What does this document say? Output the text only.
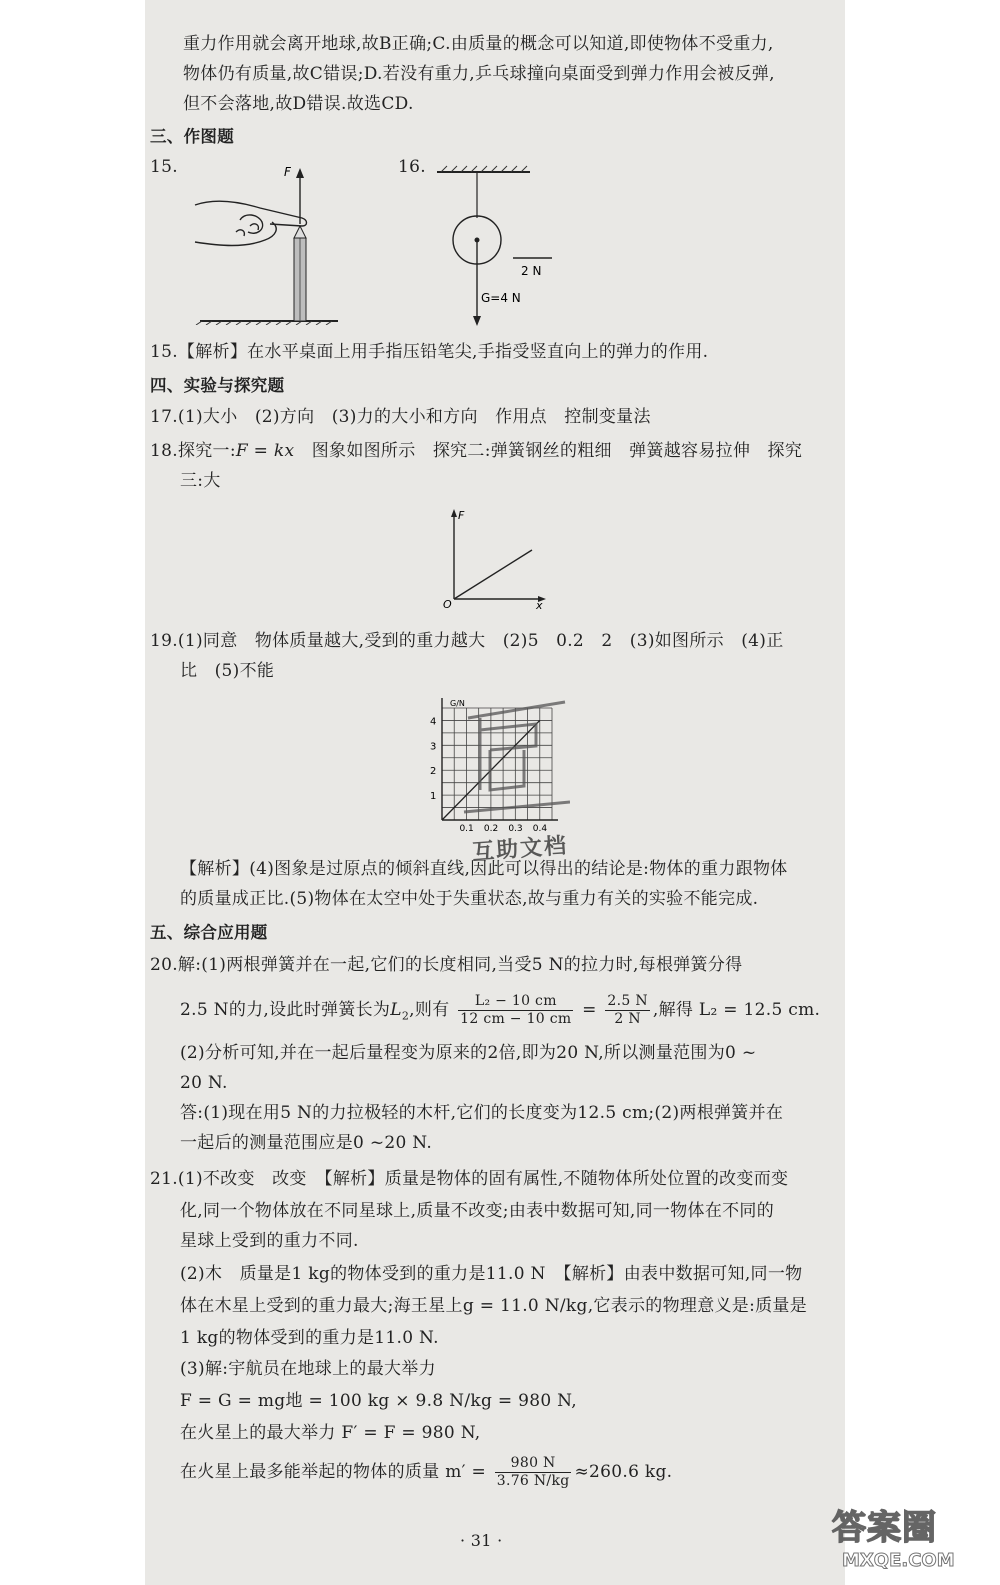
重力作用就会离开地球,故B正确;C.由质量的概念可以知道,即使物体不受重力,
物体仍有质量,故C错误;D.若没有重力,乒乓球撞向桌面受到弹力作用会被反弹,
但不会落地,故D错误.故选CD.
三、作图题
15.	16.
F
2 N
G=4 N
15.【解析】在水平桌面上用手指压铅笔尖,手指受竖直向上的弹力的作用.
四、实验与探究题
17.(1)大小　(2)方向　(3)力的大小和方向　作用点　控制变量法
18.探究一:F = kx　图象如图所示　探究二:弹簧钢丝的粗细　弹簧越容易拉伸　探究
三:大
F
x
O
19.(1)同意　物体质量越大,受到的重力越大　(2)5　0.2　2　(3)如图所示　(4)正
比　(5)不能
0.1 0.2 0.3 0.4
1
2
3
4
G/N
互助文档
【解析】(4)图象是过原点的倾斜直线,因此可以得出的结论是:物体的重力跟物体
的质量成正比.(5)物体在太空中处于失重状态,故与重力有关的实验不能完成.
五、综合应用题
20.解:(1)两根弹簧并在一起,它们的长度相同,当受5 N的拉力时,每根弹簧分得
2.5 N的力,设此时弹簧长为$L_2$,则有 $\frac{\text{L₂ − 10 cm}}{12 cm - 10 cm} = \frac{2.5 N}{2 N}$ ,解得 L₂ = 12.5 cm.
(2)分析可知,并在一起后量程变为原来的2倍,即为20 N,所以测量范围为0 ~
20 N.
答:(1)现在用5 N的力拉极轻的木杆,它们的长度变为12.5 cm;(2)两根弹簧并在
一起后的测量范围应是0 ~20 N.
21.(1)不改变　改变　【解析】质量是物体的固有属性,不随物体所处位置的改变而变
化,同一个物体放在不同星球上,质量不改变;由表中数据可知,同一物体在不同的
星球上受到的重力不同.
(2)木　质量是1 kg的物体受到的重力是11.0 N　【解析】由表中数据可知,同一物
体在木星上受到的重力最大;海王星上g = 11.0 N/kg,它表示的物理意义是:质量是
1 kg的物体受到的重力是11.0 N.
(3)解:宇航员在地球上的最大举力
F = G = mg地 = 100 kg × 9.8 N/kg = 980 N,
在火星上的最大举力 F′ = F = 980 N,
在火星上最多能举起的物体的质量 $m' = \frac{980 N}{3.76 N/kg} \approx 260.6$ kg.
· 31 ·	答案圈
MXQE.COM
